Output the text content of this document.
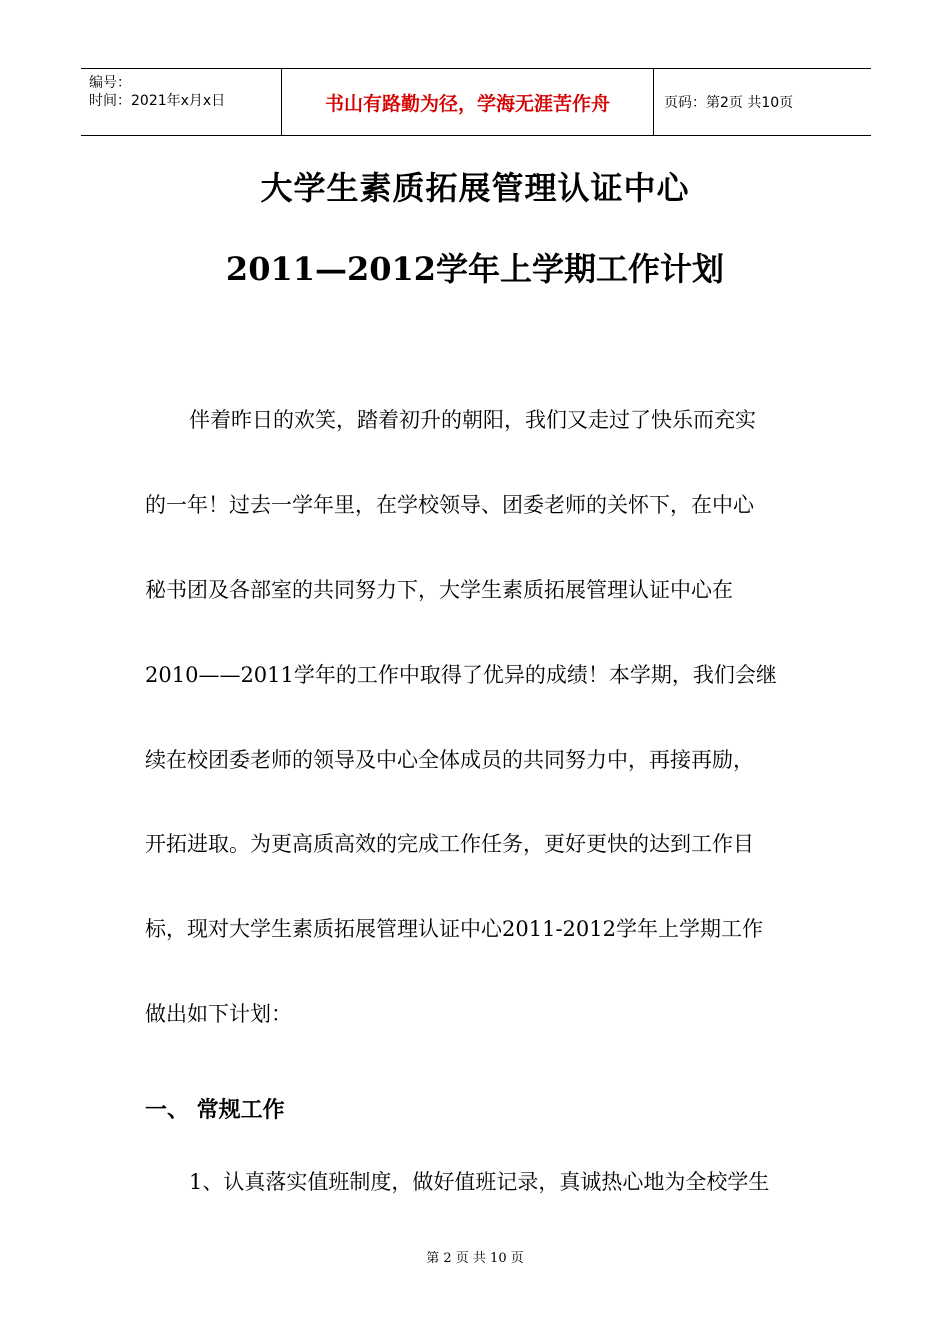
编号：
时间：2021年x月x日	书山有路勤为径，学海无涯苦作舟	页码：第2页 共10页
大学生素质拓展管理认证中心
2011—2012学年上学期工作计划
伴着昨日的欢笑，踏着初升的朝阳，我们又走过了快乐而充实
的一年！过去一学年里，在学校领导、团委老师的关怀下，在中心
秘书团及各部室的共同努力下，大学生素质拓展管理认证中心在
2010——2011学年的工作中取得了优异的成绩！本学期，我们会继
续在校团委老师的领导及中心全体成员的共同努力中，再接再励，
开拓进取。为更高质高效的完成工作任务，更好更快的达到工作目
标，现对大学生素质拓展管理认证中心2011-2012学年上学期工作
做出如下计划：
一、 常规工作
1、认真落实值班制度，做好值班记录，真诚热心地为全校学生
第 2 页 共 10 页
